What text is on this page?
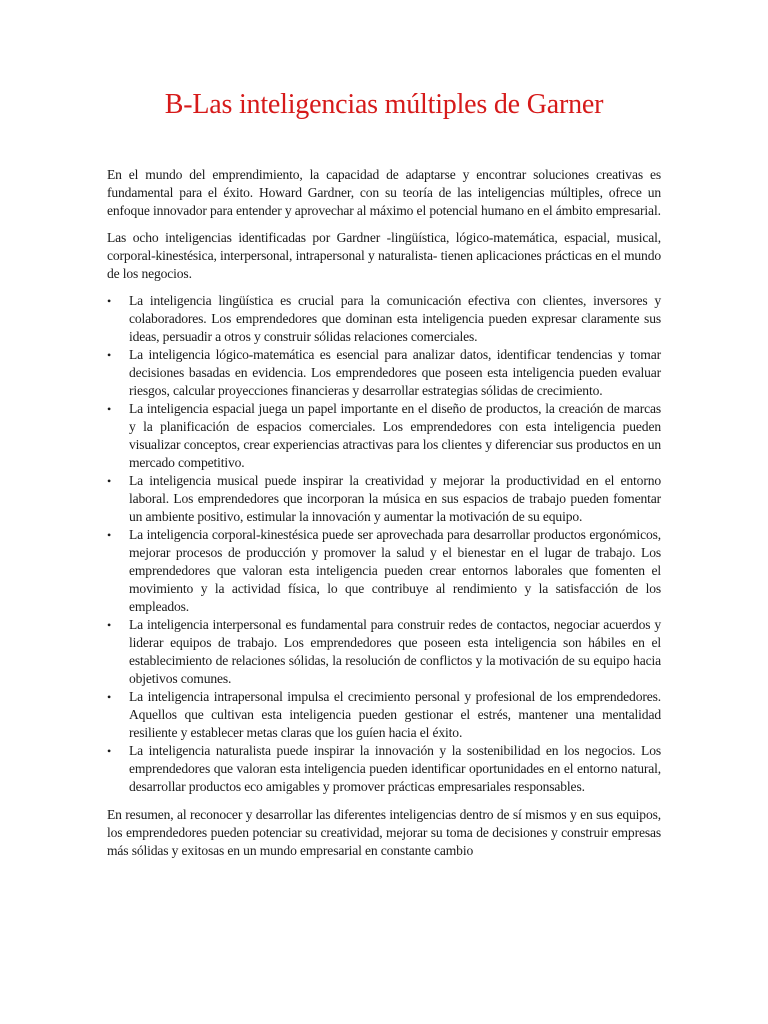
B-Las inteligencias múltiples de Garner

En el mundo del emprendimiento, la capacidad de adaptarse y encontrar soluciones creativas es fundamental para el éxito. Howard Gardner, con su teoría de las inteligencias múltiples, ofrece un enfoque innovador para entender y aprovechar al máximo el potencial humano en el ámbito empresarial.

Las ocho inteligencias identificadas por Gardner -lingüística, lógico-matemática, espacial, musical, corporal-kinestésica, interpersonal, intrapersonal y naturalista- tienen aplicaciones prácticas en el mundo de los negocios.

• La inteligencia lingüística es crucial para la comunicación efectiva con clientes, inversores y colaboradores. Los emprendedores que dominan esta inteligencia pueden expresar claramente sus ideas, persuadir a otros y construir sólidas relaciones comerciales.
• La inteligencia lógico-matemática es esencial para analizar datos, identificar tendencias y tomar decisiones basadas en evidencia. Los emprendedores que poseen esta inteligencia pueden evaluar riesgos, calcular proyecciones financieras y desarrollar estrategias sólidas de crecimiento.
• La inteligencia espacial juega un papel importante en el diseño de productos, la creación de marcas y la planificación de espacios comerciales. Los emprendedores con esta inteligencia pueden visualizar conceptos, crear experiencias atractivas para los clientes y diferenciar sus productos en un mercado competitivo.
• La inteligencia musical puede inspirar la creatividad y mejorar la productividad en el entorno laboral. Los emprendedores que incorporan la música en sus espacios de trabajo pueden fomentar un ambiente positivo, estimular la innovación y aumentar la motivación de su equipo.
• La inteligencia corporal-kinestésica puede ser aprovechada para desarrollar productos ergonómicos, mejorar procesos de producción y promover la salud y el bienestar en el lugar de trabajo. Los emprendedores que valoran esta inteligencia pueden crear entornos laborales que fomenten el movimiento y la actividad física, lo que contribuye al rendimiento y la satisfacción de los empleados.
• La inteligencia interpersonal es fundamental para construir redes de contactos, negociar acuerdos y liderar equipos de trabajo. Los emprendedores que poseen esta inteligencia son hábiles en el establecimiento de relaciones sólidas, la resolución de conflictos y la motivación de su equipo hacia objetivos comunes.
• La inteligencia intrapersonal impulsa el crecimiento personal y profesional de los emprendedores. Aquellos que cultivan esta inteligencia pueden gestionar el estrés, mantener una mentalidad resiliente y establecer metas claras que los guíen hacia el éxito.
• La inteligencia naturalista puede inspirar la innovación y la sostenibilidad en los negocios. Los emprendedores que valoran esta inteligencia pueden identificar oportunidades en el entorno natural, desarrollar productos eco amigables y promover prácticas empresariales responsables.

En resumen, al reconocer y desarrollar las diferentes inteligencias dentro de sí mismos y en sus equipos, los emprendedores pueden potenciar su creatividad, mejorar su toma de decisiones y construir empresas más sólidas y exitosas en un mundo empresarial en constante cambio
